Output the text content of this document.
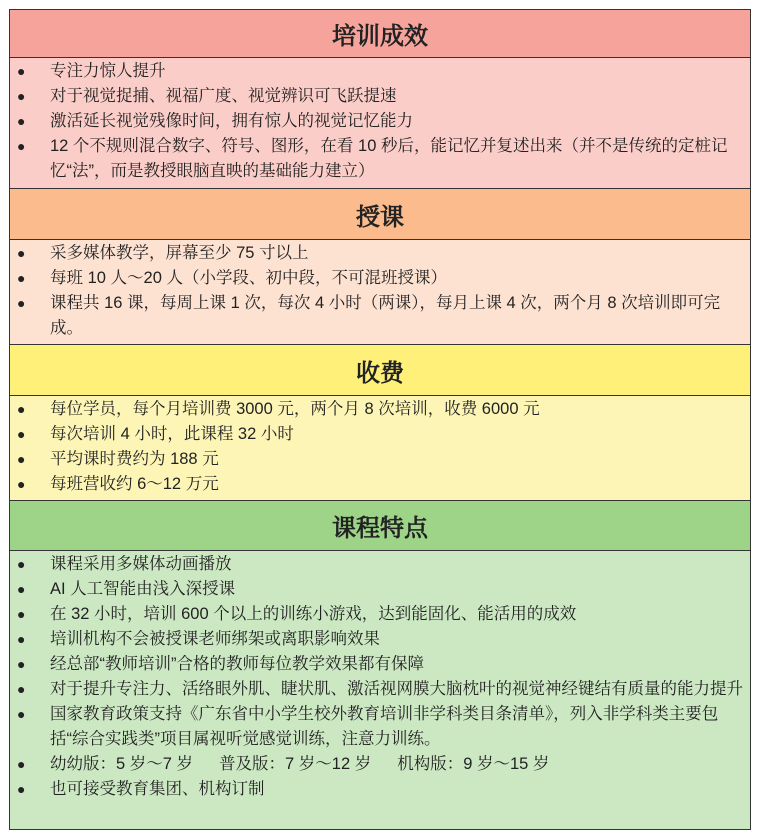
培训成效
●	专注力惊人提升
●	对于视觉捉捕、视福广度、视觉辨识可飞跃提速
●	激活延长视觉残像时间，拥有惊人的视觉记忆能力
●	12 个不规则混合数字、符号、图形，在看 10 秒后，能记忆并复述出来（并不是传统的定桩记忆“法”，而是教授眼脑直映的基础能力建立）
授课
●	采多媒体教学，屏幕至少 75 寸以上
●	每班 10 人～20 人（小学段、初中段，不可混班授课）
●	课程共 16 课，每周上课 1 次，每次 4 小时（两课），每月上课 4 次，两个月 8 次培训即可完成。
收费
●	每位学员，每个月培训费 3000 元，两个月 8 次培训，收费 6000 元
●	每次培训 4 小时，此课程 32 小时
●	平均课时费约为 188 元
●	每班营收约 6～12 万元
课程特点
●	课程采用多媒体动画播放
●	AI 人工智能由浅入深授课
●	在 32 小时，培训 600 个以上的训练小游戏，达到能固化、能活用的成效
●	培训机构不会被授课老师绑架或离职影响效果
●	经总部“教师培训”合格的教师每位教学效果都有保障
●	对于提升专注力、活络眼外肌、睫状肌、激活视网膜大脑枕叶的视觉神经键结有质量的能力提升
●	国家教育政策支持《广东省中小学生校外教育培训非学科类目条清单》，列入非学科类主要包括“综合实践类”项目属视听觉感觉训练，注意力训练。
●	幼幼版：5 岁～7 岁 普及版：7 岁～12 岁 机构版：9 岁～15 岁
●	也可接受教育集团、机构订制
